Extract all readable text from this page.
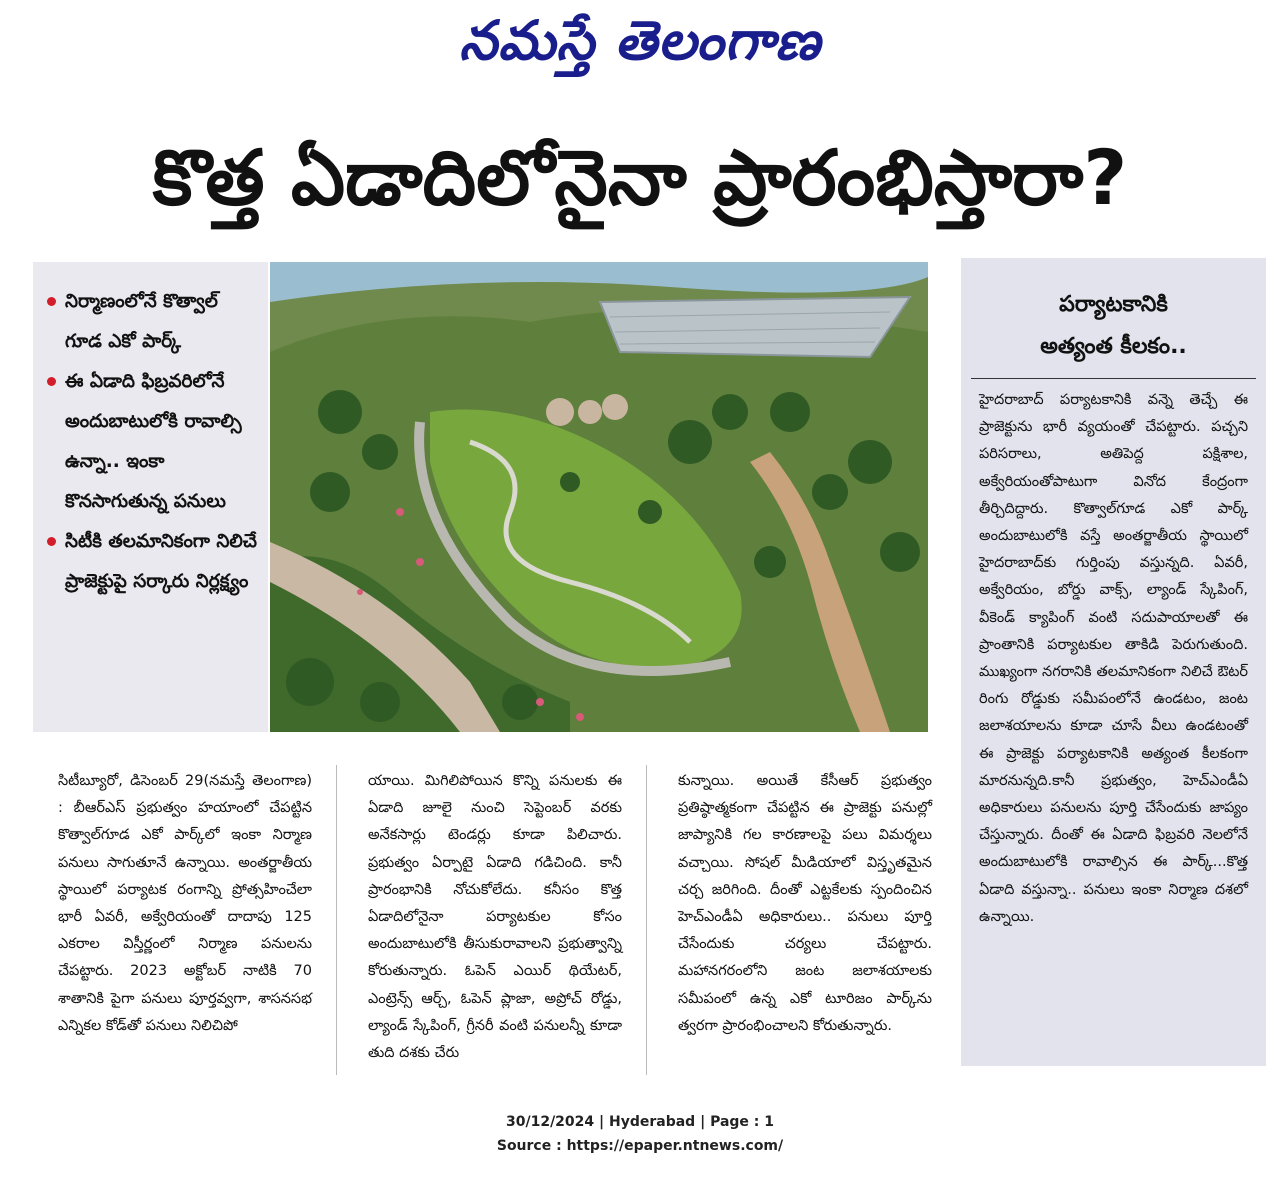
నమస్తే తెలంగాణ
కొత్త ఏడాదిలోనైనా ప్రారంభిస్తారా?
నిర్మాణంలోనే కొత్వాల్ గూడ ఎకో పార్క్
ఈ ఏడాది ఫిబ్రవరిలోనే అందుబాటులోకి రావాల్సి ఉన్నా.. ఇంకా కొనసాగుతున్న పనులు
సిటీకి తలమానికంగా నిలిచే ప్రాజెక్టుపై సర్కారు నిర్లక్ష్యం
పర్యాటకానికి
అత్యంత కీలకం..

హైదరాబాద్ పర్యాటకానికి వన్నె తెచ్చే ఈ ప్రాజెక్టును భారీ వ్యయంతో చేపట్టారు. పచ్చని పరిసరాలు, అతిపెద్ద పక్షిశాల, అక్వేరియంతోపాటుగా వినోద కేంద్రంగా తీర్చిదిద్దారు. కొత్వాల్‌గూడ ఎకో పార్క్ అందుబాటులోకి వస్తే అంతర్జాతీయ స్థాయిలో హైదరాబాద్‌కు గుర్తింపు వస్తున్నది. ఏవరీ, అక్వేరియం, బోర్డు వాక్స్, ల్యాండ్ స్కేపింగ్, వీకెండ్ క్యాపింగ్ వంటి సదుపాయాలతో ఈ ప్రాంతానికి పర్యాటకుల తాకిడి పెరుగుతుంది. ముఖ్యంగా నగరానికి తలమానికంగా నిలిచే ఔటర్ రింగు రోడ్డుకు సమీపంలోనే ఉండటం, జంట జలాశయాలను కూడా చూసే వీలు ఉండటంతో ఈ ప్రాజెక్టు పర్యాటకానికి అత్యంత కీలకంగా మారనున్నది.కానీ ప్రభుత్వం, హెచ్ఎండీఏ అధికారులు పనులను పూర్తి చేసేందుకు జాప్యం చేస్తున్నారు. దీంతో ఈ ఏడాది ఫిబ్రవరి నెలలోనే అందుబాటులోకి రావాల్సిన ఈ పార్క్...కొత్త ఏడాది వస్తున్నా.. పనులు ఇంకా నిర్మాణ దశలో ఉన్నాయి.

సిటీబ్యూరో, డిసెంబర్ 29(నమస్తే తెలంగాణ) : బీఆర్ఎస్ ప్రభుత్వం హయాంలో చేపట్టిన కొత్వాల్‌గూడ ఎకో పార్క్‌లో ఇంకా నిర్మాణ పనులు సాగుతూనే ఉన్నాయి. అంతర్జాతీయ స్థాయిలో పర్యాటక రంగాన్ని ప్రోత్సహించేలా భారీ ఏవరీ, అక్వేరియంతో దాదాపు 125 ఎకరాల విస్తీర్ణంలో నిర్మాణ పనులను చేపట్టారు. 2023 అక్టోబర్ నాటికి 70 శాతానికి పైగా పనులు పూర్తవ్వగా, శాసనసభ ఎన్నికల కోడ్‌తో పనులు నిలిచిపో

యాయి. మిగిలిపోయిన కొన్ని పనులకు ఈ ఏడాది జూలై నుంచి సెప్టెంబర్ వరకు అనేకసార్లు టెండర్లు కూడా పిలిచారు. ప్రభుత్వం ఏర్పాటై ఏడాది గడిచింది. కానీ ప్రారంభానికి నోచుకోలేదు. కనీసం కొత్త ఏడాదిలోనైనా పర్యాటకుల కోసం అందుబాటులోకి తీసుకురావాలని ప్రభుత్వాన్ని కోరుతున్నారు. ఓపెన్ ఎయిర్ థియేటర్, ఎంట్రెన్స్ ఆర్చ్, ఓపెన్ ప్లాజా, అప్రోచ్ రోడ్డు, ల్యాండ్ స్కేపింగ్, గ్రీనరీ వంటి పనులన్నీ కూడా తుది దశకు చేరు

కున్నాయి. అయితే కేసీఆర్ ప్రభుత్వం ప్రతిష్ఠాత్మకంగా చేపట్టిన ఈ ప్రాజెక్టు పనుల్లో జాప్యానికి గల కారణాలపై పలు విమర్శలు వచ్చాయి. సోషల్ మీడియాలో విస్తృతమైన చర్చ జరిగింది. దీంతో ఎట్టకేలకు స్పందించిన హెచ్ఎండీఏ అధికారులు.. పనులు పూర్తి చేసేందుకు చర్యలు చేపట్టారు. మహానగరంలోని జంట జలాశయాలకు సమీపంలో ఉన్న ఎకో టూరిజం పార్క్‌ను త్వరగా ప్రారంభించాలని కోరుతున్నారు.

30/12/2024 | Hyderabad | Page : 1
Source : https://epaper.ntnews.com/
